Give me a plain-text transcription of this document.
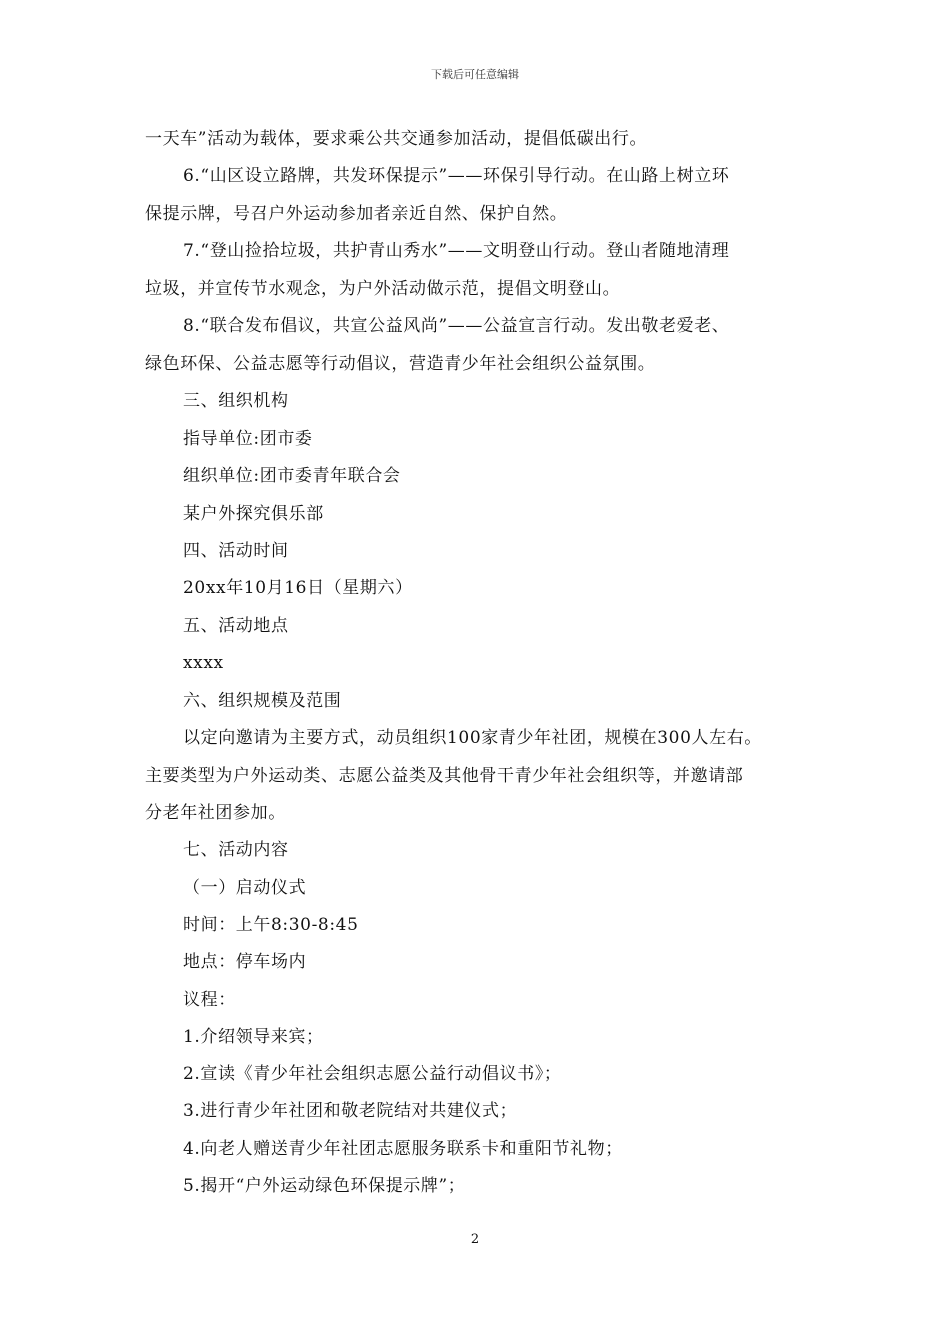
下载后可任意编辑
一天车”活动为载体，要求乘公共交通参加活动，提倡低碳出行。
6.“山区设立路牌，共发环保提示”——环保引导行动。在山路上树立环
保提示牌，号召户外运动参加者亲近自然、保护自然。
7.“登山捡拾垃圾，共护青山秀水”——文明登山行动。登山者随地清理
垃圾，并宣传节水观念，为户外活动做示范，提倡文明登山。
8.“联合发布倡议，共宣公益风尚”——公益宣言行动。发出敬老爱老、
绿色环保、公益志愿等行动倡议，营造青少年社会组织公益氛围。
三、组织机构
指导单位:团市委
组织单位:团市委青年联合会
某户外探究俱乐部
四、活动时间
20xx年10月16日（星期六）
五、活动地点
xxxx
六、组织规模及范围
以定向邀请为主要方式，动员组织100家青少年社团，规模在300人左右。
主要类型为户外运动类、志愿公益类及其他骨干青少年社会组织等，并邀请部
分老年社团参加。
七、活动内容
（一）启动仪式
时间：上午8:30-8:45
地点：停车场内
议程：
1.介绍领导来宾；
2.宣读《青少年社会组织志愿公益行动倡议书》；
3.进行青少年社团和敬老院结对共建仪式；
4.向老人赠送青少年社团志愿服务联系卡和重阳节礼物；
5.揭开“户外运动绿色环保提示牌”；
2
